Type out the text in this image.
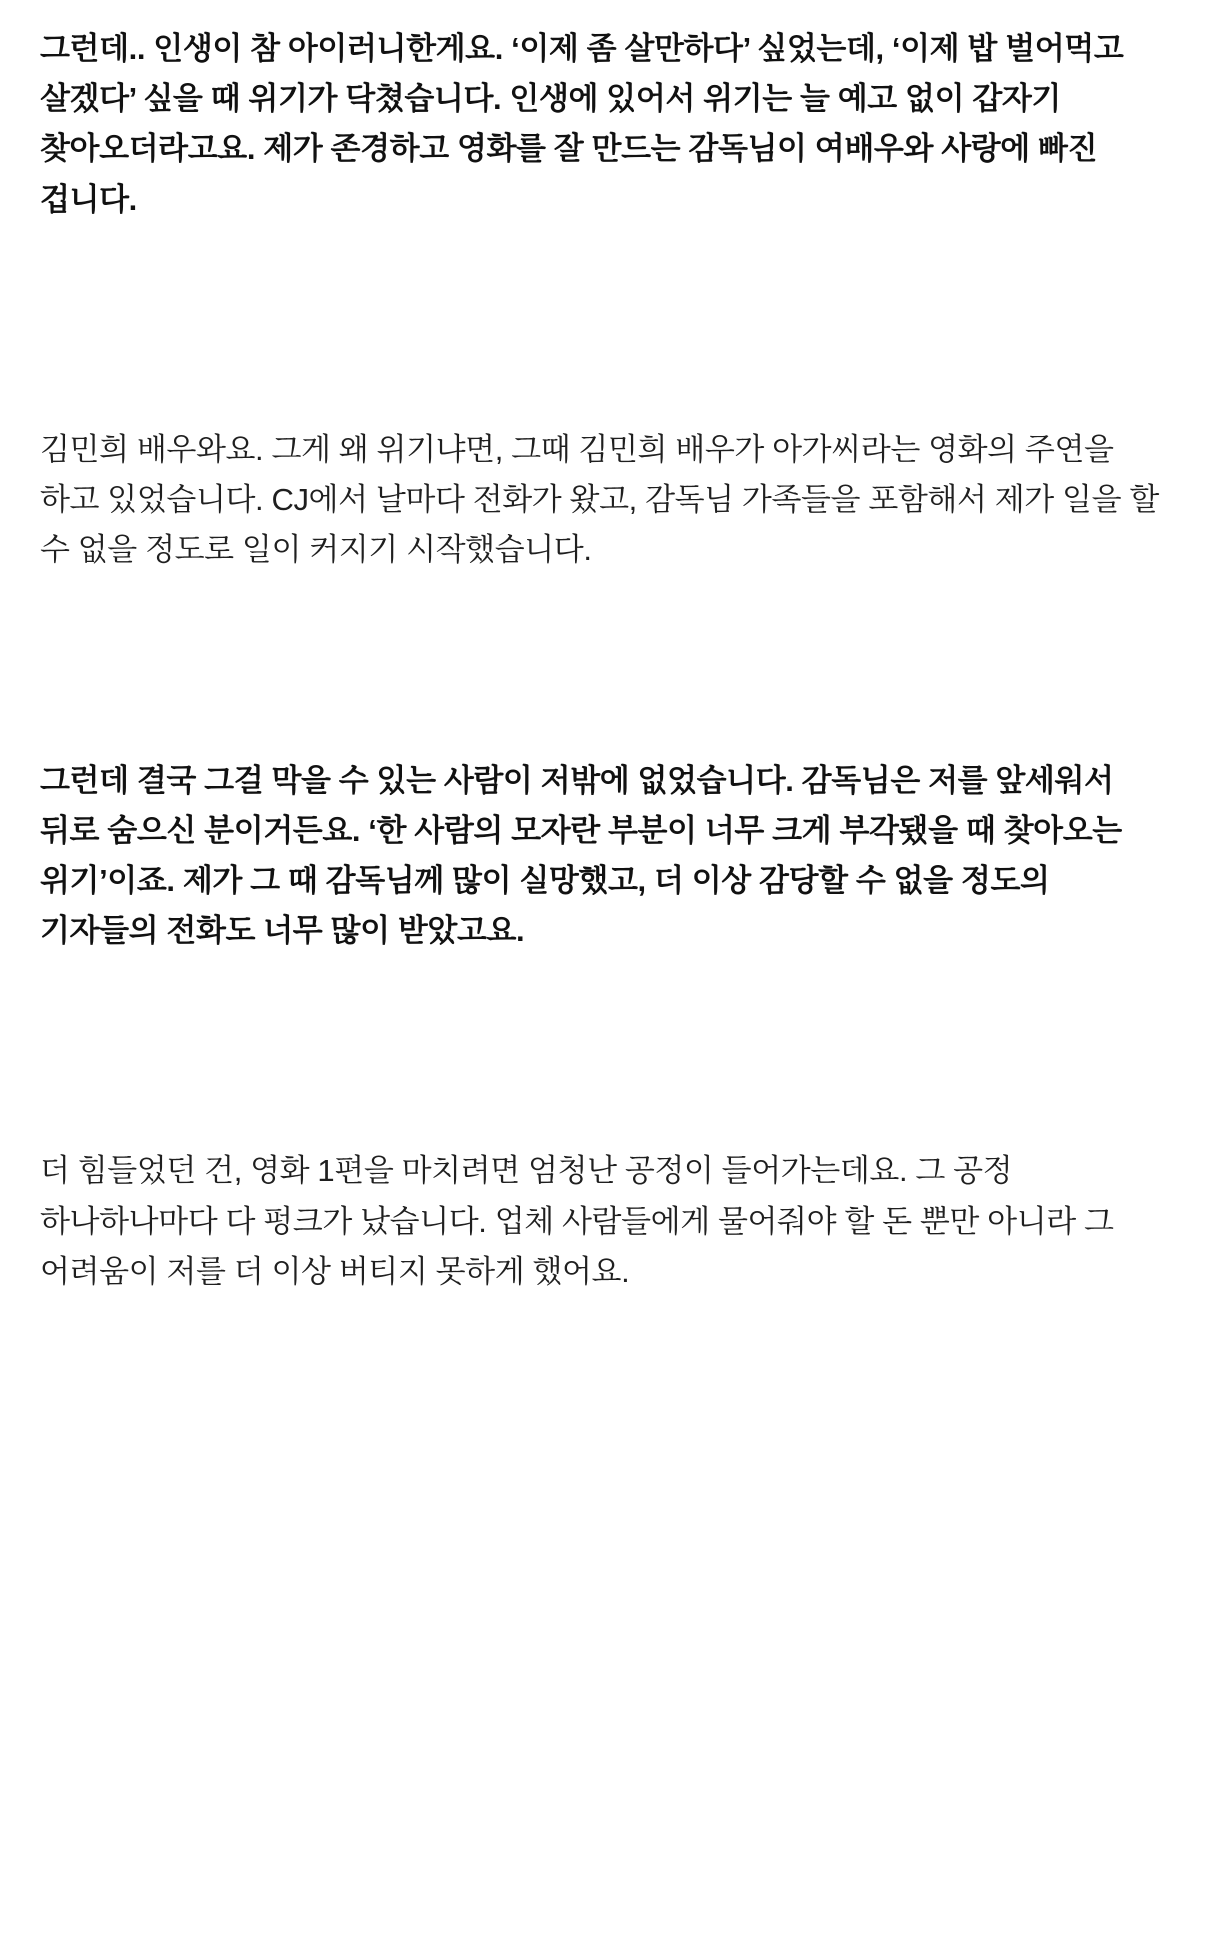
그런데.. 인생이 참 아이러니한게요. ‘이제 좀 살만하다’ 싶었는데, ‘이제 밥 벌어먹고 살겠다’ 싶을 때 위기가 닥쳤습니다. 인생에 있어서 위기는 늘 예고 없이 갑자기 찾아오더라고요. 제가 존경하고 영화를 잘 만드는 감독님이 여배우와 사랑에 빠진 겁니다.

김민희 배우와요. 그게 왜 위기냐면, 그때 김민희 배우가 아가씨라는 영화의 주연을 하고 있었습니다. CJ에서 날마다 전화가 왔고, 감독님 가족들을 포함해서 제가 일을 할 수 없을 정도로 일이 커지기 시작했습니다.

그런데 결국 그걸 막을 수 있는 사람이 저밖에 없었습니다. 감독님은 저를 앞세워서 뒤로 숨으신 분이거든요. ‘한 사람의 모자란 부분이 너무 크게 부각됐을 때 찾아오는 위기’이죠. 제가 그 때 감독님께 많이 실망했고, 더 이상 감당할 수 없을 정도의 기자들의 전화도 너무 많이 받았고요.

더 힘들었던 건, 영화 1편을 마치려면 엄청난 공정이 들어가는데요. 그 공정 하나하나마다 다 펑크가 났습니다. 업체 사람들에게 물어줘야 할 돈 뿐만 아니라 그 어려움이 저를 더 이상 버티지 못하게 했어요.
